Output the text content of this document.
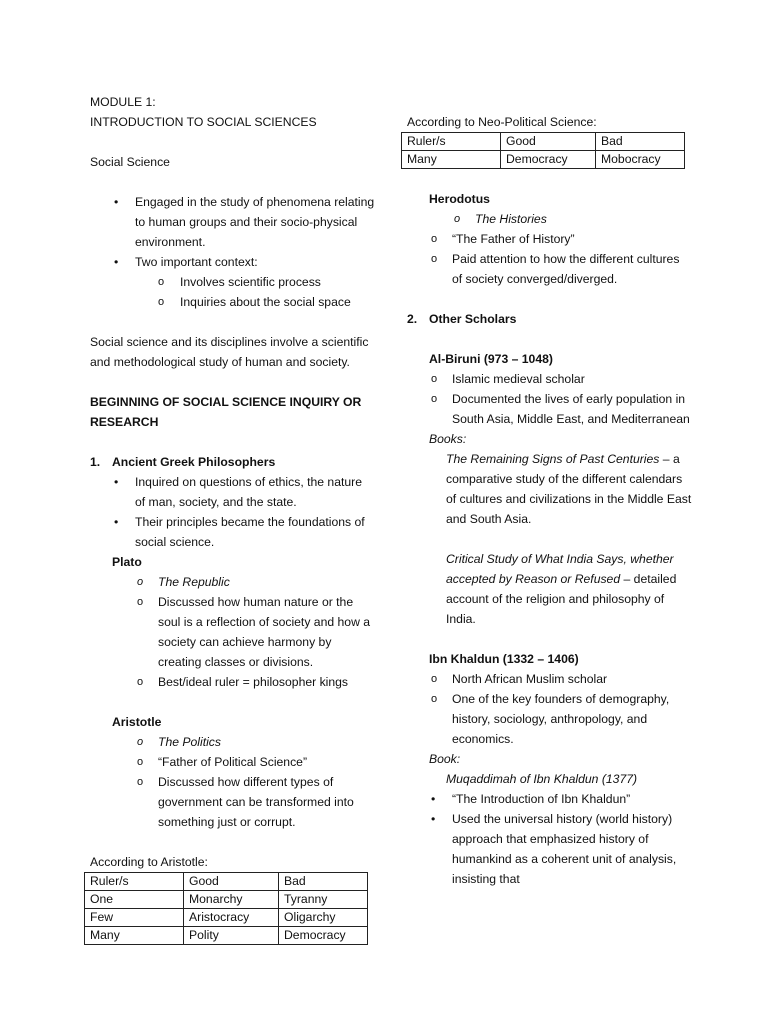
MODULE 1:

INTRODUCTION TO SOCIAL SCIENCES

Social Science

• Engaged in the study of phenomena relating to human groups and their socio-physical environment.
• Two important context:
o Involves scientific process
o Inquiries about the social space

Social science and its disciplines involve a scientific and methodological study of human and society.

BEGINNING OF SOCIAL SCIENCE INQUIRY OR RESEARCH

1. Ancient Greek Philosophers
• Inquired on questions of ethics, the nature of man, society, and the state.
• Their principles became the foundations of social science.

Plato

o The Republic
o Discussed how human nature or the soul is a reflection of society and how a society can achieve harmony by creating classes or divisions.
o Best/ideal ruler = philosopher kings

Aristotle

o The Politics
o “Father of Political Science”
o Discussed how different types of government can be transformed into something just or corrupt.

According to Aristotle:

Ruler/s	Good	Bad
One	Monarchy	Tyranny
Few	Aristocracy	Oligarchy
Many	Polity	Democracy

According to Neo-Political Science:

Ruler/s	Good	Bad
Many	Democracy	Mobocracy

Herodotus

o The Histories
o “The Father of History”
o Paid attention to how the different cultures of society converged/diverged.
2. Other Scholars

Al-Biruni (973 – 1048)

o Islamic medieval scholar
o Documented the lives of early population in South Asia, Middle East, and Mediterranean

Books:

The Remaining Signs of Past Centuries – a comparative study of the different calendars of cultures and civilizations in the Middle East and South Asia.

Critical Study of What India Says, whether accepted by Reason or Refused – detailed account of the religion and philosophy of India.

Ibn Khaldun (1332 – 1406)

o North African Muslim scholar
o One of the key founders of demography, history, sociology, anthropology, and economics.

Book:

Muqaddimah of Ibn Khaldun (1377)

• “The Introduction of Ibn Khaldun”
• Used the universal history (world history) approach that emphasized history of humankind as a coherent unit of analysis, insisting that
